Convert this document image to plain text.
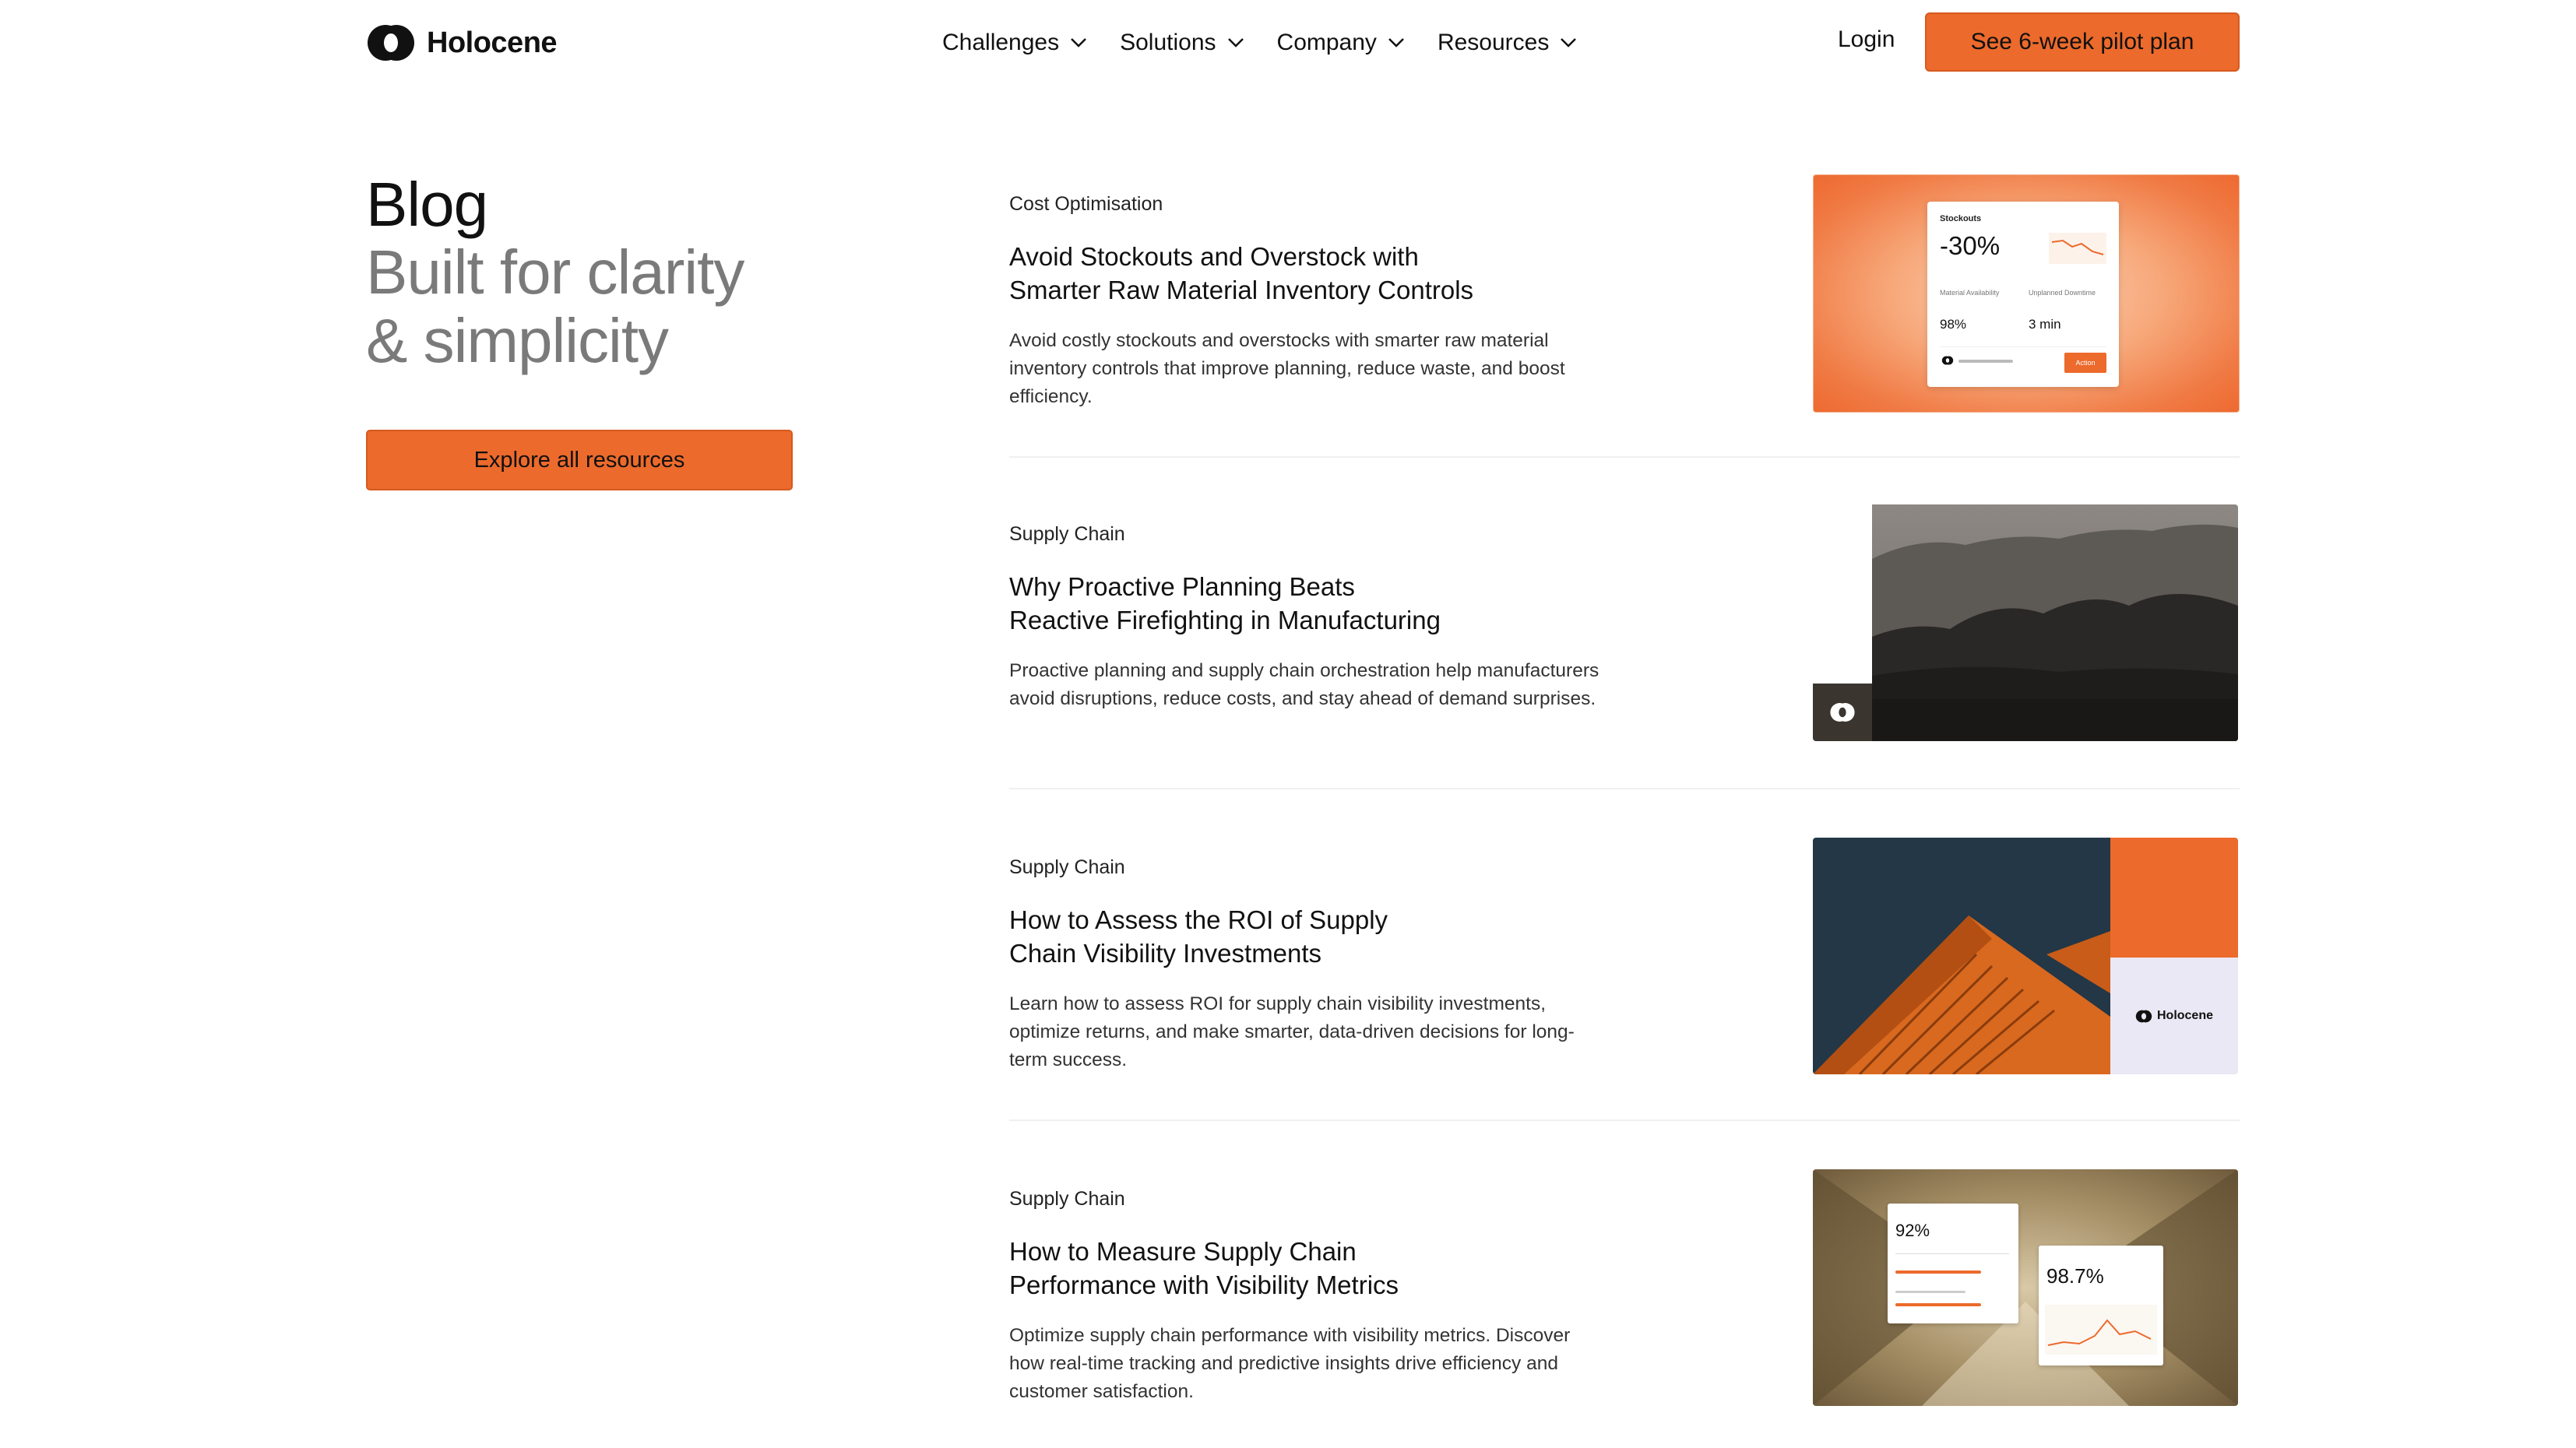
Holocene	Challenges	Solutions	Company	Resources	Login	See 6-week pilot plan
Blog
Built for clarity
& simplicity
Explore all resources
Cost Optimisation
Avoid Stockouts and Overstock with
Smarter Raw Material Inventory Controls
Avoid costly stockouts and overstocks with smarter raw material inventory controls that improve planning, reduce waste, and boost efficiency.
Stockouts
-30%
Material Availability
98%
Unplanned Downtime
3 min
Action
Supply Chain
Why Proactive Planning Beats
Reactive Firefighting in Manufacturing
Proactive planning and supply chain orchestration help manufacturers avoid disruptions, reduce costs, and stay ahead of demand surprises.
Supply Chain
How to Assess the ROI of Supply
Chain Visibility Investments
Learn how to assess ROI for supply chain visibility investments, optimize returns, and make smarter, data-driven decisions for long-term success.
Holocene
Supply Chain
How to Measure Supply Chain
Performance with Visibility Metrics
Optimize supply chain performance with visibility metrics. Discover how real-time tracking and predictive insights drive efficiency and customer satisfaction.
92%
98.7%
